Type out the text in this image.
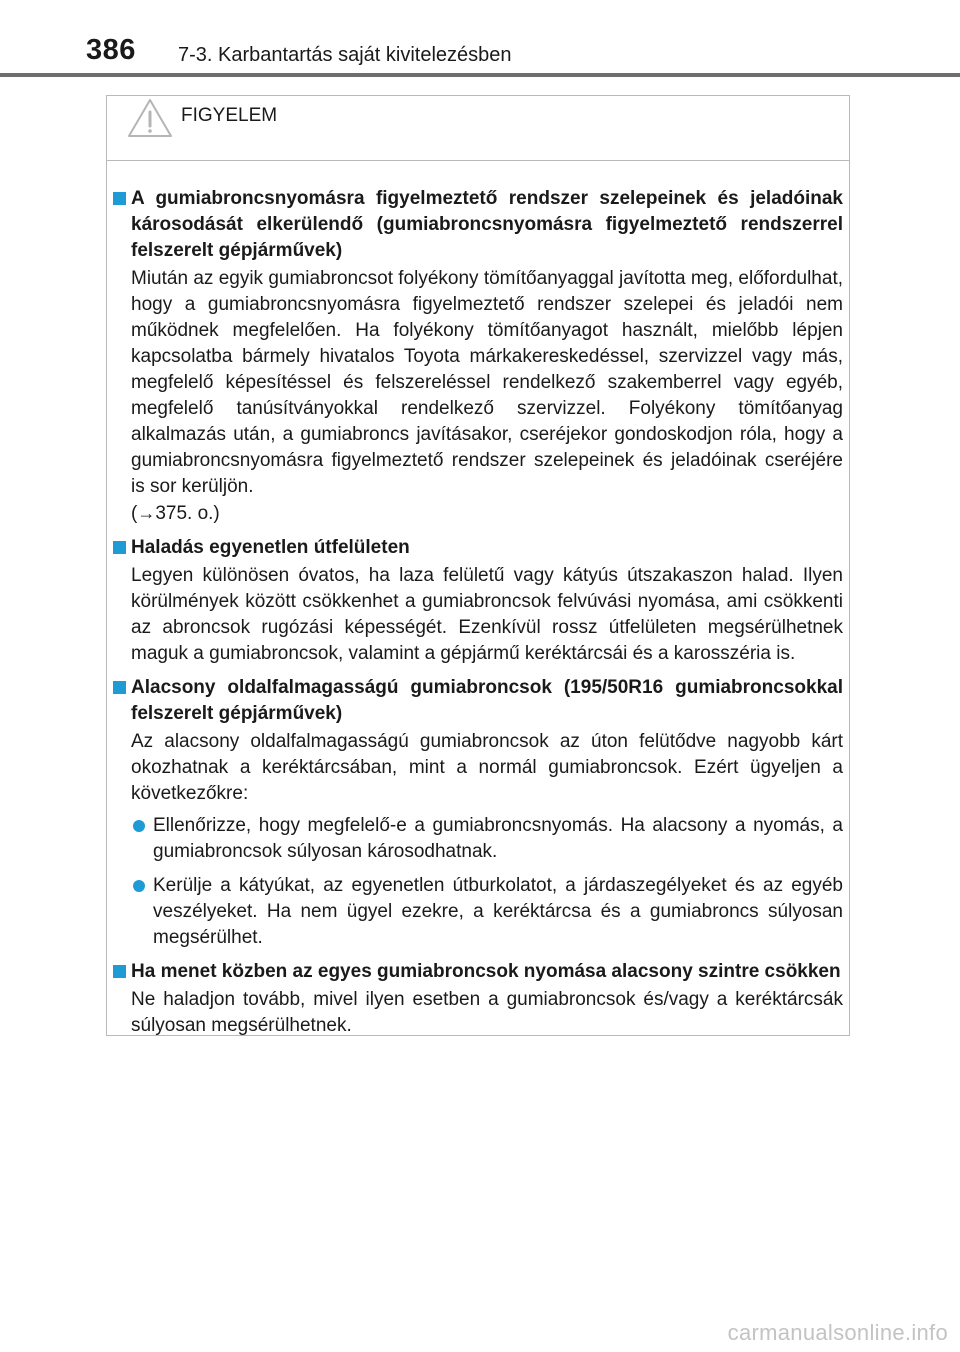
386 7-3. Karbantartás saját kivitelezésben
FIGYELEM

A gumiabroncsnyomásra figyelmeztető rendszer szelepeinek és jeladóinak károsodását elkerülendő (gumiabroncsnyomásra figyelmeztető rendszerrel felszerelt gépjárművek)

Miután az egyik gumiabroncsot folyékony tömítőanyaggal javította meg, előfordulhat, hogy a gumiabroncsnyomásra figyelmeztető rendszer szelepei és jeladói nem működnek megfelelően. Ha folyékony tömítőanyagot használt, mielőbb lépjen kapcsolatba bármely hivatalos Toyota márkakereskedéssel, szervizzel vagy más, megfelelő képesítéssel és felszereléssel rendelkező szakemberrel vagy egyéb, megfelelő tanúsítványokkal rendelkező szervizzel. Folyékony tömítőanyag alkalmazás után, a gumiabroncs javításakor, cseréjekor gondoskodjon róla, hogy a gumiabroncsnyomásra figyelmeztető rendszer szelepeinek és jeladóinak cseréjére is sor kerüljön.
(→375. o.)

Haladás egyenetlen útfelületen

Legyen különösen óvatos, ha laza felületű vagy kátyús útszakaszon halad. Ilyen körülmények között csökkenhet a gumiabroncsok felvúvási nyomása, ami csökkenti az abroncsok rugózási képességét. Ezenkívül rossz útfelületen megsérülhetnek maguk a gumiabroncsok, valamint a gépjármű keréktárcsái és a karosszéria is.

Alacsony oldalfalmagasságú gumiabroncsok (195/50R16 gumiabroncsokkal felszerelt gépjárművek)

Az alacsony oldalfalmagasságú gumiabroncsok az úton felütődve nagyobb kárt okozhatnak a keréktárcsában, mint a normál gumiabroncsok. Ezért ügyeljen a következőkre:

Ellenőrizze, hogy megfelelő-e a gumiabroncsnyomás. Ha alacsony a nyomás, a gumiabroncsok súlyosan károsodhatnak.

Kerülje a kátyúkat, az egyenetlen útburkolatot, a járdaszegélyeket és az egyéb veszélyeket. Ha nem ügyel ezekre, a keréktárcsa és a gumiabroncs súlyosan megsérülhet.

Ha menet közben az egyes gumiabroncsok nyomása alacsony szintre csökken

Ne haladjon tovább, mivel ilyen esetben a gumiabroncsok és/vagy a keréktárcsák súlyosan megsérülhetnek.

carmanualsonline.info
